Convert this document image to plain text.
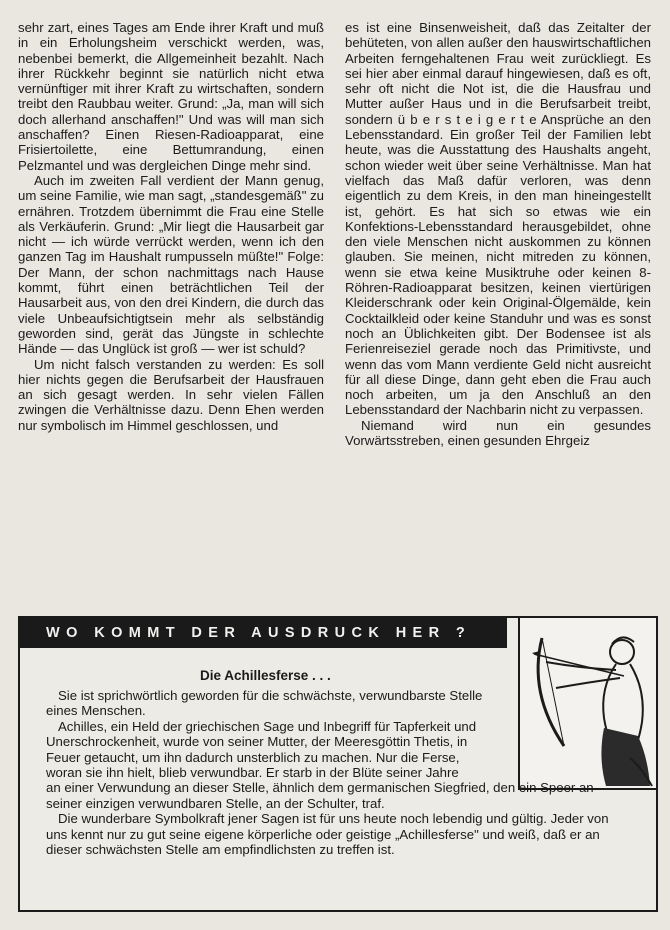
sehr zart, eines Tages am Ende ihrer Kraft und muß in ein Erholungsheim verschickt werden, was, nebenbei bemerkt, die Allgemeinheit bezahlt. Nach ihrer Rückkehr beginnt sie natürlich nicht etwa vernünftiger mit ihrer Kraft zu wirtschaften, sondern treibt den Raubbau weiter. Grund: „Ja, man will sich doch allerhand anschaffen!" Und was will man sich anschaffen? Einen Riesen-Radioapparat, eine Frisiertoilette, eine Bettumrandung, einen Pelzmantel und was dergleichen Dinge mehr sind.

Auch im zweiten Fall verdient der Mann genug, um seine Familie, wie man sagt, „standesgemäß" zu ernähren. Trotzdem übernimmt die Frau eine Stelle als Verkäuferin. Grund: „Mir liegt die Hausarbeit gar nicht — ich würde verrückt werden, wenn ich den ganzen Tag im Haushalt rumpusseln müßte!" Folge: Der Mann, der schon nachmittags nach Hause kommt, führt einen beträchtlichen Teil der Hausarbeit aus, von den drei Kindern, die durch das viele Unbeaufsichtigtsein mehr als selbständig geworden sind, gerät das Jüngste in schlechte Hände — das Unglück ist groß — wer ist schuld?

Um nicht falsch verstanden zu werden: Es soll hier nichts gegen die Berufsarbeit der Hausfrauen an sich gesagt werden. In sehr vielen Fällen zwingen die Verhältnisse dazu. Denn Ehen werden nur symbolisch im Himmel geschlossen, und

es ist eine Binsenweisheit, daß das Zeitalter der behüteten, von allen außer den hauswirtschaftlichen Arbeiten ferngehaltenen Frau weit zurückliegt. Es sei hier aber einmal darauf hingewiesen, daß es oft, sehr oft nicht die Not ist, die die Hausfrau und Mutter außer Haus und in die Berufsarbeit treibt, sondern ü b e r s t e i g e r t e Ansprüche an den Lebensstandard. Ein großer Teil der Familien lebt heute, was die Ausstattung des Haushalts angeht, schon wieder weit über seine Verhältnisse. Man hat vielfach das Maß dafür verloren, was denn eigentlich zu dem Kreis, in den man hineingestellt ist, gehört. Es hat sich so etwas wie ein Konfektions-Lebensstandard herausgebildet, ohne den viele Menschen nicht auskommen zu können glauben. Sie meinen, nicht mitreden zu können, wenn sie etwa keine Musiktruhe oder keinen 8-Röhren-Radioapparat besitzen, keinen viertürigen Kleiderschrank oder kein Original-Ölgemälde, kein Cocktailkleid oder keine Standuhr und was es sonst noch an Üblichkeiten gibt. Der Bodensee ist als Ferienreiseziel gerade noch das Primitivste, und wenn das vom Mann verdiente Geld nicht ausreicht für all diese Dinge, dann geht eben die Frau auch noch arbeiten, um ja den Anschluß an den Lebensstandard der Nachbarin nicht zu verpassen.

Niemand wird nun ein gesundes Vorwärtsstreben, einen gesunden Ehrgeiz

WO KOMMT DER AUSDRUCK HER ?
Die Achillesferse . . .

Sie ist sprichwörtlich geworden für die schwächste, verwundbarste Stelle eines Menschen.

Achilles, ein Held der griechischen Sage und Inbegriff für Tapferkeit und Unerschrockenheit, wurde von seiner Mutter, der Meeresgöttin Thetis, in Feuer getaucht, um ihn dadurch unsterblich zu machen. Nur die Ferse, woran sie ihn hielt, blieb verwundbar. Er starb in der Blüte seiner Jahre

an einer Verwundung an dieser Stelle, ähnlich dem germanischen Siegfried, den ein Speer an seiner einzigen verwundbaren Stelle, an der Schulter, traf.

Die wunderbare Symbolkraft jener Sagen ist für uns heute noch lebendig und gültig. Jeder von uns kennt nur zu gut seine eigene körperliche oder geistige „Achillesferse" und weiß, daß er an dieser schwächsten Stelle am empfindlichsten zu treffen ist.
